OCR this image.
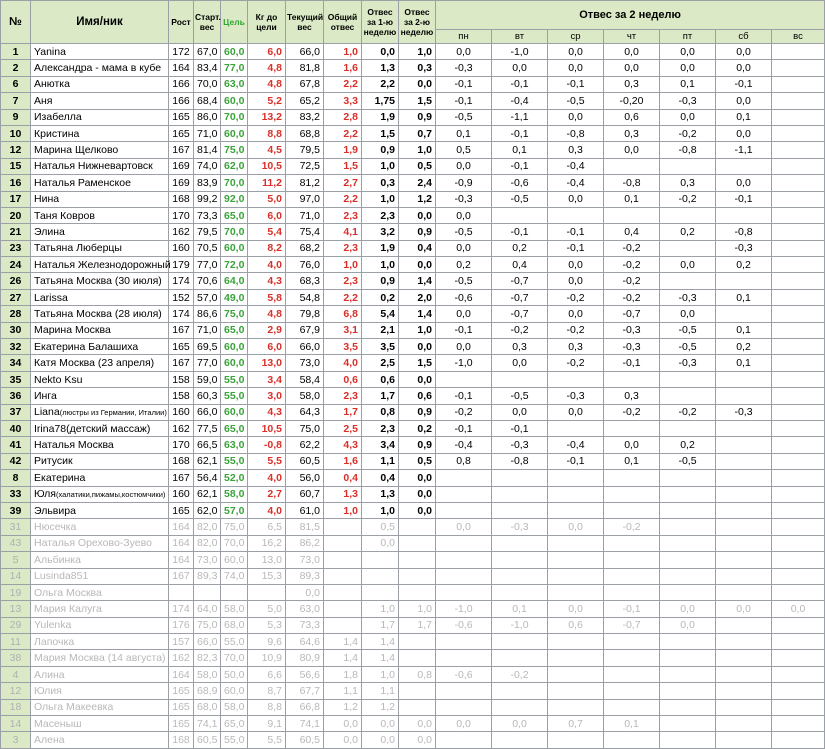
№	Имя/ник	Рост	Старт. вес	Цель	Кг до цели	Текущий вес	Общий отвес	Отвес за 1-ю неделю	Отвес за 2-ю неделю	Отвес за 2 неделю						
										пн	вт	ср	чт	пт	сб	вс
1	Yanina	172	67,0	60,0	6,0	66,0	1,0	0,0	1,0	0,0	-1,0	0,0	0,0	0,0	0,0	
2	Александра - мама в кубе	164	83,4	77,0	4,8	81,8	1,6	1,3	0,3	-0,3	0,0	0,0	0,0	0,0	0,0	
6	Анютка	166	70,0	63,0	4,8	67,8	2,2	2,2	0,0	-0,1	-0,1	-0,1	0,3	0,1	-0,1	
7	Аня	166	68,4	60,0	5,2	65,2	3,3	1,75	1,5	-0,1	-0,4	-0,5	-0,20	-0,3	0,0	
9	Изабелла	165	86,0	70,0	13,2	83,2	2,8	1,9	0,9	-0,5	-1,1	0,0	0,6	0,0	0,1	
10	Кристина	165	71,0	60,0	8,8	68,8	2,2	1,5	0,7	0,1	-0,1	-0,8	0,3	-0,2	0,0	
12	Марина Щелково	167	81,4	75,0	4,5	79,5	1,9	0,9	1,0	0,5	0,1	0,3	0,0	-0,8	-1,1	
15	Наталья Нижневартовск	169	74,0	62,0	10,5	72,5	1,5	1,0	0,5	0,0	-0,1	-0,4				
16	Наталья Раменское	169	83,9	70,0	11,2	81,2	2,7	0,3	2,4	-0,9	-0,6	-0,4	-0,8	0,3	0,0	
17	Нина	168	99,2	92,0	5,0	97,0	2,2	1,0	1,2	-0,3	-0,5	0,0	0,1	-0,2	-0,1	
20	Таня Ковров	170	73,3	65,0	6,0	71,0	2,3	2,3	0,0	0,0						
21	Элина	162	79,5	70,0	5,4	75,4	4,1	3,2	0,9	-0,5	-0,1	-0,1	0,4	0,2	-0,8	
23	Татьяна Люберцы	160	70,5	60,0	8,2	68,2	2,3	1,9	0,4	0,0	0,2	-0,1	-0,2		-0,3	
24	Наталья Железнодорожный	179	77,0	72,0	4,0	76,0	1,0	1,0	0,0	0,2	0,4	0,0	-0,2	0,0	0,2	
26	Татьяна Москва (30 июля)	174	70,6	64,0	4,3	68,3	2,3	0,9	1,4	-0,5	-0,7	0,0	-0,2			
27	Larissa	152	57,0	49,0	5,8	54,8	2,2	0,2	2,0	-0,6	-0,7	-0,2	-0,2	-0,3	0,1	
28	Татьяна Москва (28 июля)	174	86,6	75,0	4,8	79,8	6,8	5,4	1,4	0,0	-0,7	0,0	-0,7	0,0		
30	Марина Москва	167	71,0	65,0	2,9	67,9	3,1	2,1	1,0	-0,1	-0,2	-0,2	-0,3	-0,5	0,1	
32	Екатерина Балашиха	165	69,5	60,0	6,0	66,0	3,5	3,5	0,0	0,0	0,3	0,3	-0,3	-0,5	0,2	
34	Катя Москва (23 апреля)	167	77,0	60,0	13,0	73,0	4,0	2,5	1,5	-1,0	0,0	-0,2	-0,1	-0,3	0,1	
35	Nekto Ksu	158	59,0	55,0	3,4	58,4	0,6	0,6	0,0							
36	Инга	158	60,3	55,0	3,0	58,0	2,3	1,7	0,6	-0,1	-0,5	-0,3	0,3			
37	Liana(люстры из Германии, Италии)	160	66,0	60,0	4,3	64,3	1,7	0,8	0,9	-0,2	0,0	0,0	-0,2	-0,2	-0,3	
40	Irina78(детский массаж)	162	77,5	65,0	10,5	75,0	2,5	2,3	0,2	-0,1	-0,1					
41	Наталья Москва	170	66,5	63,0	-0,8	62,2	4,3	3,4	0,9	-0,4	-0,3	-0,4	0,0	0,2		
42	Ритусик	168	62,1	55,0	5,5	60,5	1,6	1,1	0,5	0,8	-0,8	-0,1	0,1	-0,5		
8	Екатерина	167	56,4	52,0	4,0	56,0	0,4	0,4	0,0							
33	Юля(халатики,пижамы,костюмчики)	160	62,1	58,0	2,7	60,7	1,3	1,3	0,0							
39	Эльвира	165	62,0	57,0	4,0	61,0	1,0	1,0	0,0							
31	Нюсечка	164	82,0	75,0	6,5	81,5		0,5		0,0	-0,3	0,0	-0,2			
43	Наталья Орехово-Зуево	164	82,0	70,0	16,2	86,2		0,0								
5	Альбинка	164	73,0	60,0	13,0	73,0										
14	Lusinda851	167	89,3	74,0	15,3	89,3										
19	Ольга Москва					0,0										
13	Мария Калуга	174	64,0	58,0	5,0	63,0		1,0	1,0	-1,0	0,1	0,0	-0,1	0,0	0,0	0,0
29	Yulenka	176	75,0	68,0	5,3	73,3		1,7	1,7	-0,6	-1,0	0,6	-0,7	0,0		
11	Лапочка	157	66,0	55,0	9,6	64,6	1,4	1,4								
38	Мария Москва (14 августа)	162	82,3	70,0	10,9	80,9	1,4	1,4								
4	Алина	164	58,0	50,0	6,6	56,6	1,8	1,0	0,8	-0,6	-0,2					
12	Юлия	165	68,9	60,0	8,7	67,7	1,1	1,1								
18	Ольга Макеевка	165	68,0	58,0	8,8	66,8	1,2	1,2								
14	Масеныш	165	74,1	65,0	9,1	74,1	0,0	0,0	0,0	0,0	0,0	0,7	0,1			
3	Алена	168	60,5	55,0	5,5	60,5	0,0	0,0	0,0							
